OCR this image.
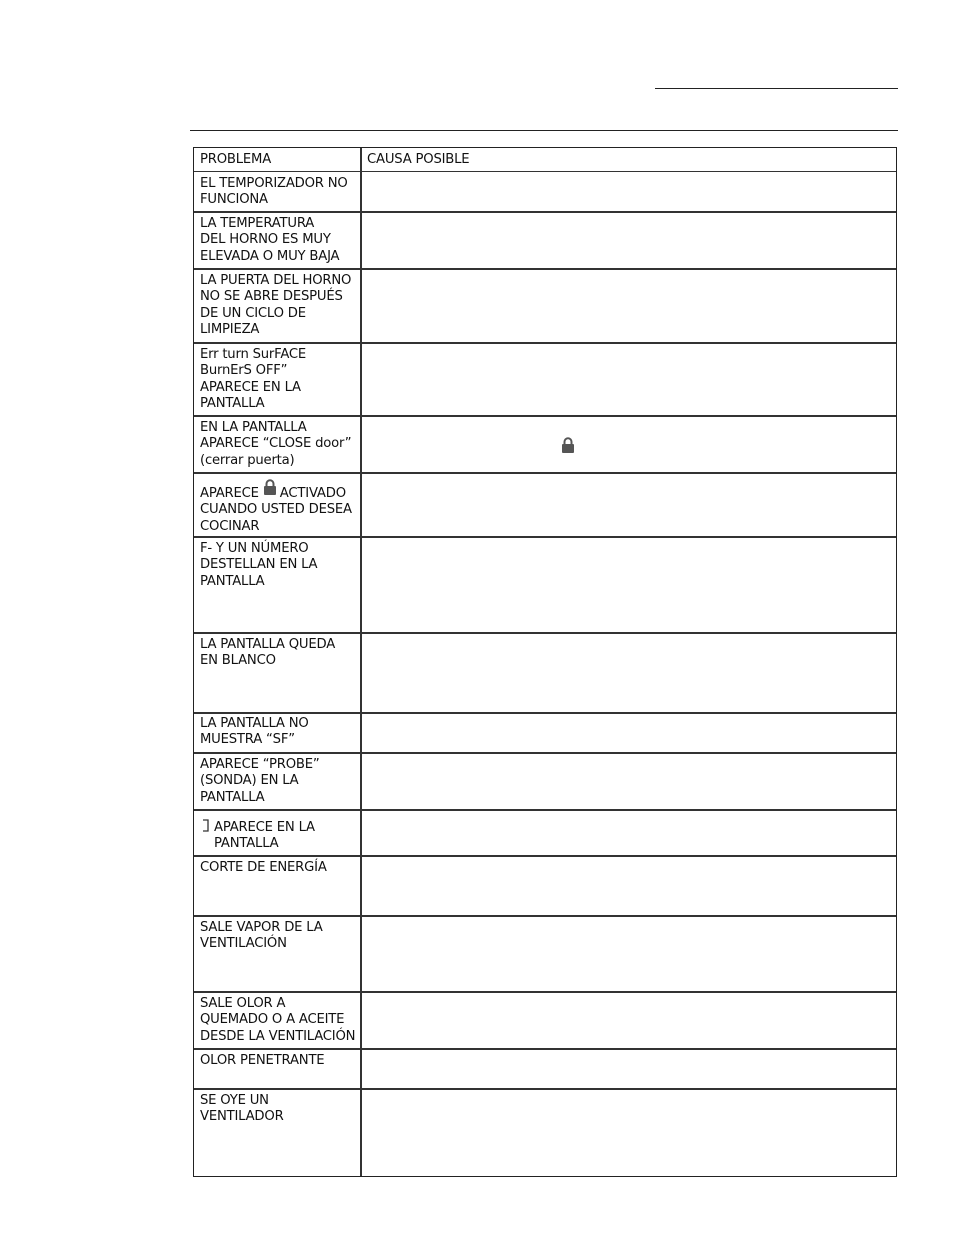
PROBLEMA	CAUSA POSIBLE
EL TEMPORIZADOR NO
FUNCIONA
LA TEMPERATURA
DEL HORNO ES MUY
ELEVADA O MUY BAJA
LA PUERTA DEL HORNO
NO SE ABRE DESPUÉS
DE UN CICLO DE
LIMPIEZA
Err turn SurFACE
BurnErS OFF”
APARECE EN LA
PANTALLA
EN LA PANTALLA
APARECE “CLOSE door”
(cerrar puerta)
APARECE ACTIVADO
CUANDO USTED DESEA
COCINAR
F- Y UN NÚMERO
DESTELLAN EN LA
PANTALLA
LA PANTALLA QUEDA
EN BLANCO
LA PANTALLA NO
MUESTRA “SF”
APARECE “PROBE”
(SONDA) EN LA
PANTALLA
APARECE EN LA
PANTALLA
CORTE DE ENERGÍA
SALE VAPOR DE LA
VENTILACIÓN
SALE OLOR A
QUEMADO O A ACEITE
DESDE LA VENTILACIÓN
OLOR PENETRANTE
SE OYE UN
VENTILADOR
